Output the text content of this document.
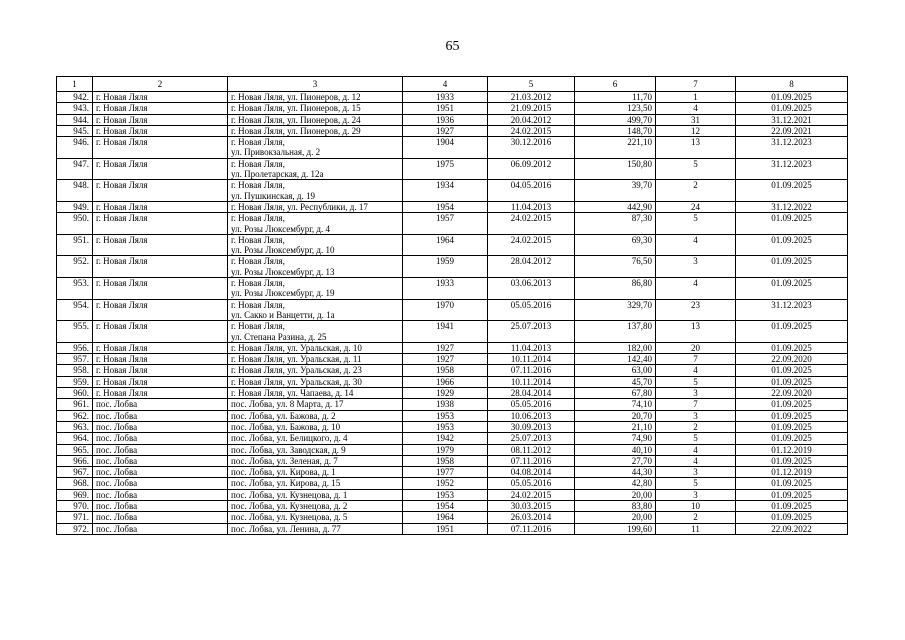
65
1	2	3	4	5	6	7	8
942.	г. Новая Ляля	г. Новая Ляля, ул. Пионеров, д. 12	1933	21.03.2012	11,70	1	01.09.2025
943.	г. Новая Ляля	г. Новая Ляля, ул. Пионеров, д. 15	1951	21.09.2015	123,50	4	01.09.2025
944.	г. Новая Ляля	г. Новая Ляля, ул. Пионеров, д. 24	1936	20.04.2012	499,70	31	31.12.2021
945.	г. Новая Ляля	г. Новая Ляля, ул. Пионеров, д. 29	1927	24.02.2015	148,70	12	22.09.2021
946.	г. Новая Ляля	г. Новая Ляля,
ул. Привокзальная, д. 2	1904	30.12.2016	221,10	13	31.12.2023
947.	г. Новая Ляля	г. Новая Ляля,
ул. Пролетарская, д. 12а	1975	06.09.2012	150,80	5	31.12.2023
948.	г. Новая Ляля	г. Новая Ляля,
ул. Пушкинская, д. 19	1934	04.05.2016	39,70	2	01.09.2025
949.	г. Новая Ляля	г. Новая Ляля, ул. Республики, д. 17	1954	11.04.2013	442,90	24	31.12.2022
950.	г. Новая Ляля	г. Новая Ляля,
ул. Розы Люксембург, д. 4	1957	24.02.2015	87,30	5	01.09.2025
951.	г. Новая Ляля	г. Новая Ляля,
ул. Розы Люксембург, д. 10	1964	24.02.2015	69,30	4	01.09.2025
952.	г. Новая Ляля	г. Новая Ляля,
ул. Розы Люксембург, д. 13	1959	28.04.2012	76,50	3	01.09.2025
953.	г. Новая Ляля	г. Новая Ляля,
ул. Розы Люксембург, д. 19	1933	03.06.2013	86,80	4	01.09.2025
954.	г. Новая Ляля	г. Новая Ляля,
ул. Сакко и Ванцетти, д. 1а	1970	05.05.2016	329,70	23	31.12.2023
955.	г. Новая Ляля	г. Новая Ляля,
ул. Степана Разина, д. 25	1941	25.07.2013	137,80	13	01.09.2025
956.	г. Новая Ляля	г. Новая Ляля, ул. Уральская, д. 10	1927	11.04.2013	182,00	20	01.09.2025
957.	г. Новая Ляля	г. Новая Ляля, ул. Уральская, д. 11	1927	10.11.2014	142,40	7	22.09.2020
958.	г. Новая Ляля	г. Новая Ляля, ул. Уральская, д. 23	1958	07.11.2016	63,00	4	01.09.2025
959.	г. Новая Ляля	г. Новая Ляля, ул. Уральская, д. 30	1966	10.11.2014	45,70	5	01.09.2025
960.	г. Новая Ляля	г. Новая Ляля, ул. Чапаева, д. 14	1929	28.04.2014	67,80	3	22.09.2020
961.	пос. Лобва	пос. Лобва, ул. 8 Марта, д. 17	1938	05.05.2016	74,10	7	01.09.2025
962.	пос. Лобва	пос. Лобва, ул. Бажова, д. 2	1953	10.06.2013	20,70	3	01.09.2025
963.	пос. Лобва	пос. Лобва, ул. Бажова, д. 10	1953	30.09.2013	21,10	2	01.09.2025
964.	пос. Лобва	пос. Лобва, ул. Белицкого, д. 4	1942	25.07.2013	74,90	5	01.09.2025
965.	пос. Лобва	пос. Лобва, ул. Заводская, д. 9	1979	08.11.2012	40,10	4	01.12.2019
966.	пос. Лобва	пос. Лобва, ул. Зеленая, д. 7	1958	07.11.2016	27,70	4	01.09.2025
967.	пос. Лобва	пос. Лобва, ул. Кирова, д. 1	1977	04.08.2014	44,30	3	01.12.2019
968.	пос. Лобва	пос. Лобва, ул. Кирова, д. 15	1952	05.05.2016	42,80	5	01.09.2025
969.	пос. Лобва	пос. Лобва, ул. Кузнецова, д. 1	1953	24.02.2015	20,00	3	01.09.2025
970.	пос. Лобва	пос. Лобва, ул. Кузнецова, д. 2	1954	30.03.2015	83,80	10	01.09.2025
971.	пос. Лобва	пос. Лобва, ул. Кузнецова, д. 5	1964	26.03.2014	20,00	2	01.09.2025
972.	пос. Лобва	пос. Лобва, ул. Ленина, д. 77	1951	07.11.2016	199,60	11	22.09.2022
